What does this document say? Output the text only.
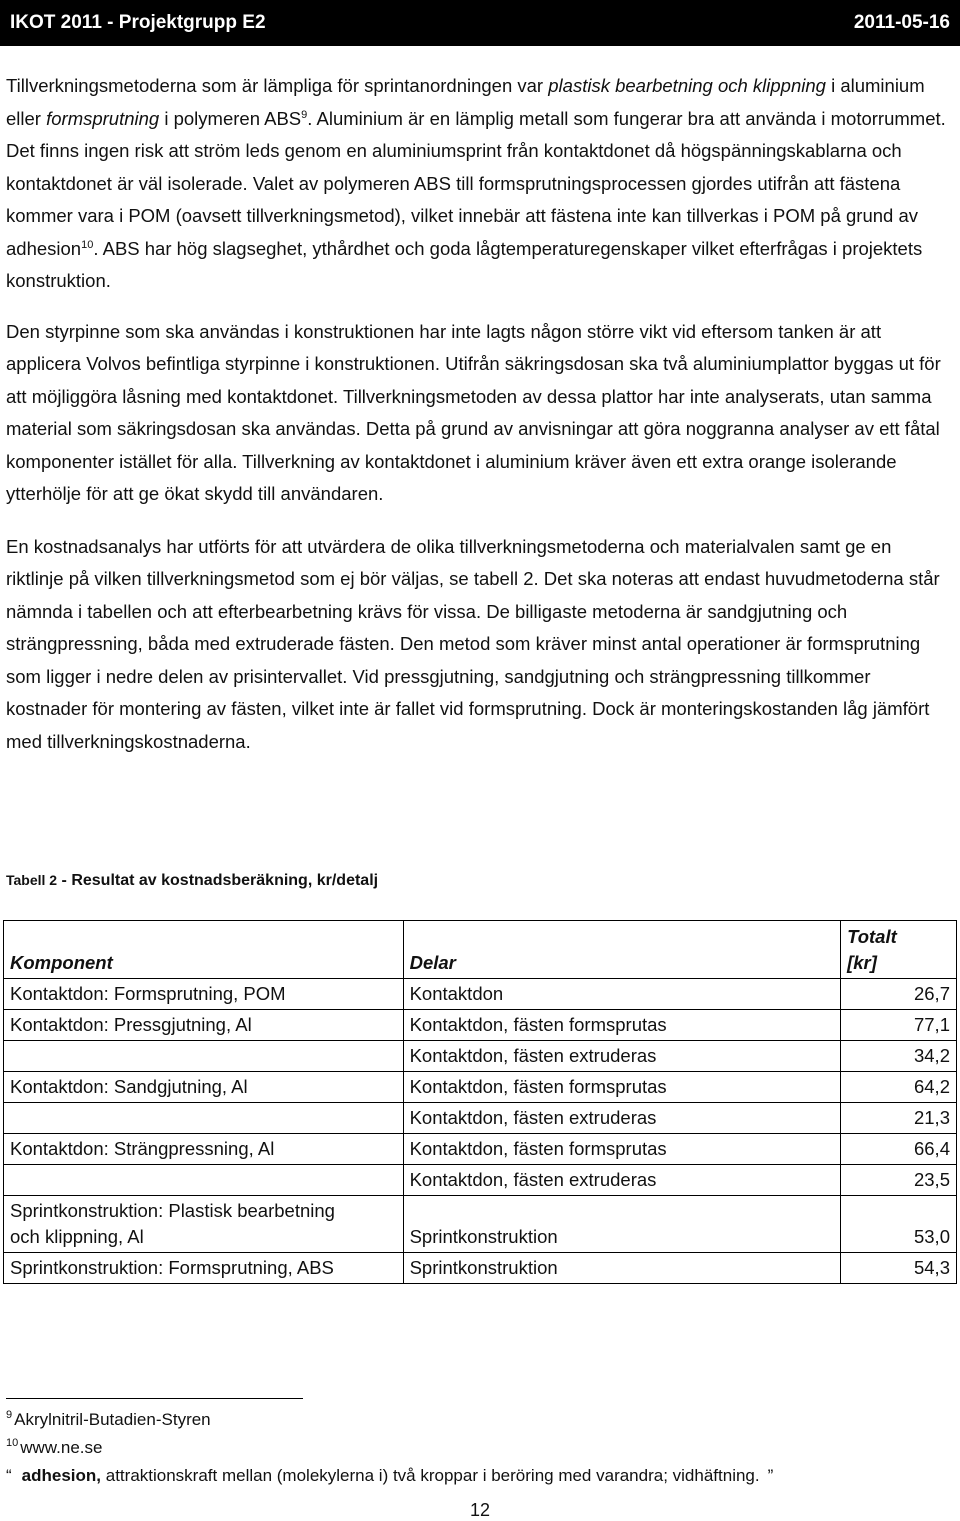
IKOT 2011 - Projektgrupp E2	2011-05-16

Tillverkningsmetoderna som är lämpliga för sprintanordningen var plastisk bearbetning och klippning i aluminium eller formsprutning i polymeren ABS$^9$. Aluminium är en lämplig metall som fungerar bra att använda i motorrummet. Det finns ingen risk att ström leds genom en aluminiumsprint från kontaktdonet då högspänningskablarna och kontaktdonet är väl isolerade. Valet av polymeren ABS till formsprutningsprocessen gjordes utifrån att fästena kommer vara i POM (oavsett tillverkningsmetod), vilket innebär att fästena inte kan tillverkas i POM på grund av adhesion$^{10}$. ABS har hög slagseghet, ythårdhet och goda lågtemperaturegenskaper vilket efterfrågas i projektets konstruktion.

Den styrpinne som ska användas i konstruktionen har inte lagts någon större vikt vid eftersom tanken är att applicera Volvos befintliga styrpinne i konstruktionen. Utifrån säkringsdosan ska två aluminiumplattor byggas ut för att möjliggöra låsning med kontaktdonet. Tillverkningsmetoden av dessa plattor har inte analyserats, utan samma material som säkringsdosan ska användas. Detta på grund av anvisningar att göra noggranna analyser av ett fåtal komponenter istället för alla. Tillverkning av kontaktdonet i aluminium kräver även ett extra orange isolerande ytterhölje för att ge ökat skydd till användaren.

En kostnadsanalys har utförts för att utvärdera de olika tillverkningsmetoderna och materialvalen samt ge en riktlinje på vilken tillverkningsmetod som ej bör väljas, se tabell 2. Det ska noteras att endast huvudmetoderna står nämnda i tabellen och att efterbearbetning krävs för vissa. De billigaste metoderna är sandgjutning och strängpressning, båda med extruderade fästen. Den metod som kräver minst antal operationer är formsprutning som ligger i nedre delen av prisintervallet. Vid pressgjutning, sandgjutning och strängpressning tillkommer kostnader för montering av fästen, vilket inte är fallet vid formsprutning. Dock är monteringskostanden låg jämfört med tillverkningskostnaderna.

Tabell 2 - Resultat av kostnadsberäkning, kr/detalj
Komponent	Delar	Totalt
[kr]
Kontaktdon: Formsprutning, POM	Kontaktdon	26,7
Kontaktdon: Pressgjutning, Al	Kontaktdon, fästen formsprutas	77,1
	Kontaktdon, fästen extruderas	34,2
Kontaktdon: Sandgjutning, Al	Kontaktdon, fästen formsprutas	64,2
	Kontaktdon, fästen extruderas	21,3
Kontaktdon: Strängpressning, Al	Kontaktdon, fästen formsprutas	66,4
	Kontaktdon, fästen extruderas	23,5
Sprintkonstruktion: Plastisk bearbetning
och klippning, Al	Sprintkonstruktion	53,0
Sprintkonstruktion: Formsprutning, ABS	Sprintkonstruktion	54,3
$^9$ Akrylnitril-Butadien-Styren
$^{10}$ www.ne.se
“ adhesion, attraktionskraft mellan (molekylerna i) två kroppar i beröring med varandra; vidhäftning. ”
12
